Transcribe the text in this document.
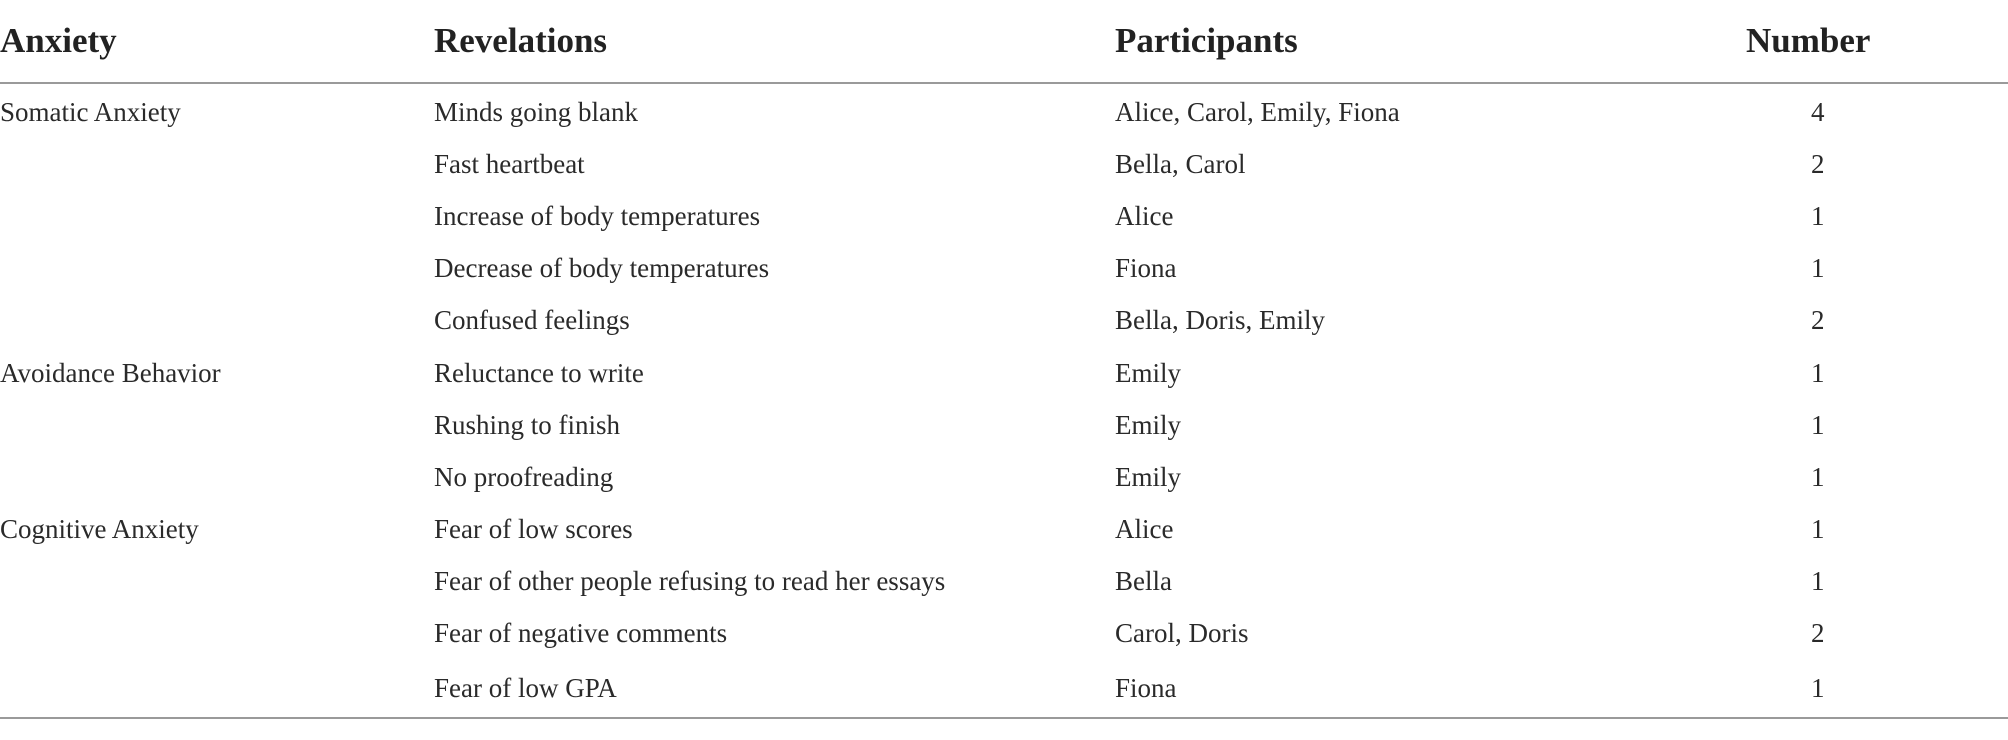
Anxiety	Revelations	Participants	Number
Somatic Anxiety	Minds going blank	Alice, Carol, Emily, Fiona	4
	Fast heartbeat	Bella, Carol	2
	Increase of body temperatures	Alice	1
	Decrease of body temperatures	Fiona	1
	Confused feelings	Bella, Doris, Emily	2
Avoidance Behavior	Reluctance to write	Emily	1
	Rushing to finish	Emily	1
	No proofreading	Emily	1
Cognitive Anxiety	Fear of low scores	Alice	1
	Fear of other people refusing to read her essays	Bella	1
	Fear of negative comments	Carol, Doris	2
	Fear of low GPA	Fiona	1
